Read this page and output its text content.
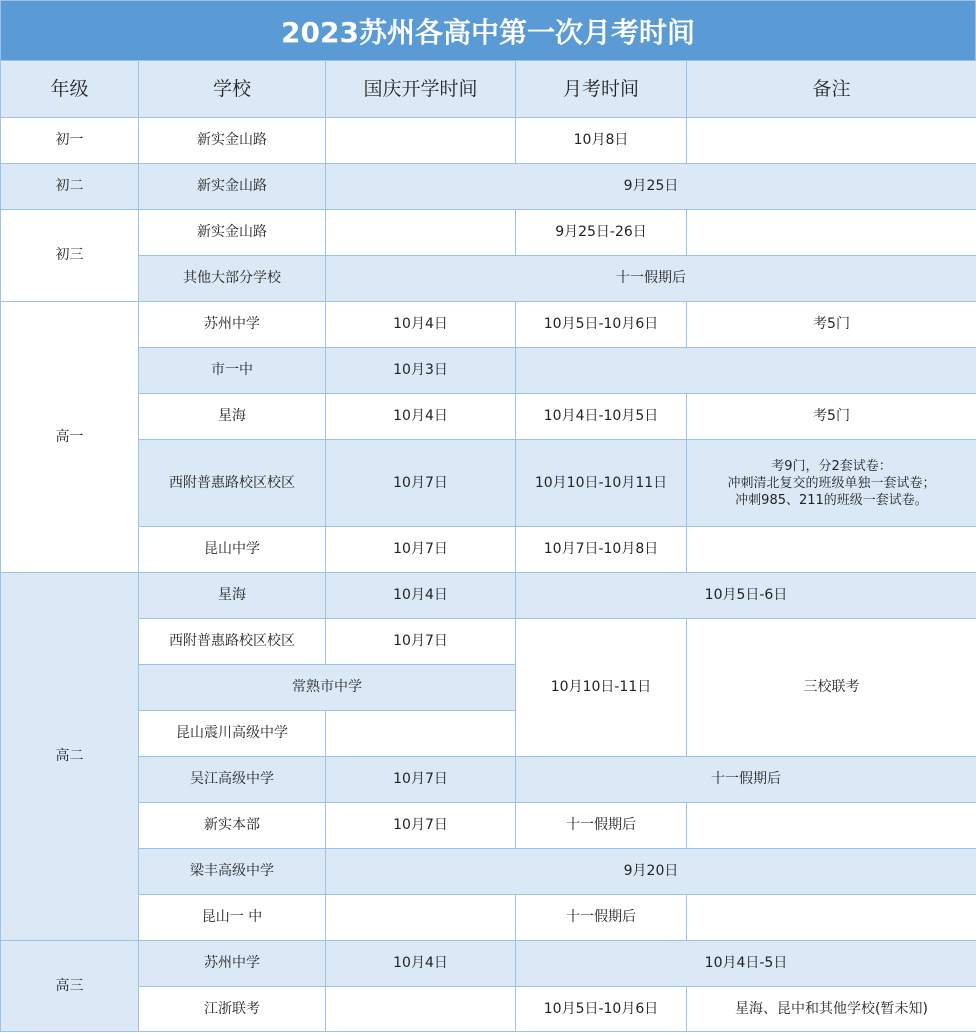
2023苏州各高中第一次月考时间
年级	学校	国庆开学时间	月考时间	备注
初一	新实金山路		10月8日	
初二	新实金山路	9月25日		
初三	新实金山路		9月25日-26日	
	其他大部分学校	十一假期后		
高一	苏州中学	10月4日	10月5日-10月6日	考5门
	市一中	10月3日		
	星海	10月4日	10月4日-10月5日	考5门
	西附普惠路校区校区	10月7日	10月10日-10月11日	考9门，分2套试卷：
冲刺清北复交的班级单独一套试卷；
冲刺985、211的班级一套试卷。

	昆山中学	10月7日	10月7日-10月8日	
高二	星海	10月4日	10月5日-6日	
	西附普惠路校区校区	10月7日	10月10日-11日	三校联考
	常熟市中学			
	昆山震川高级中学			
	吴江高级中学	10月7日	十一假期后	
	新实本部	10月7日	十一假期后	
	梁丰高级中学	9月20日		
	昆山一 中		十一假期后	
高三	苏州中学	10月4日	10月4日-5日	
	江浙联考		10月5日-10月6日	星海、昆中和其他学校(暂未知)
